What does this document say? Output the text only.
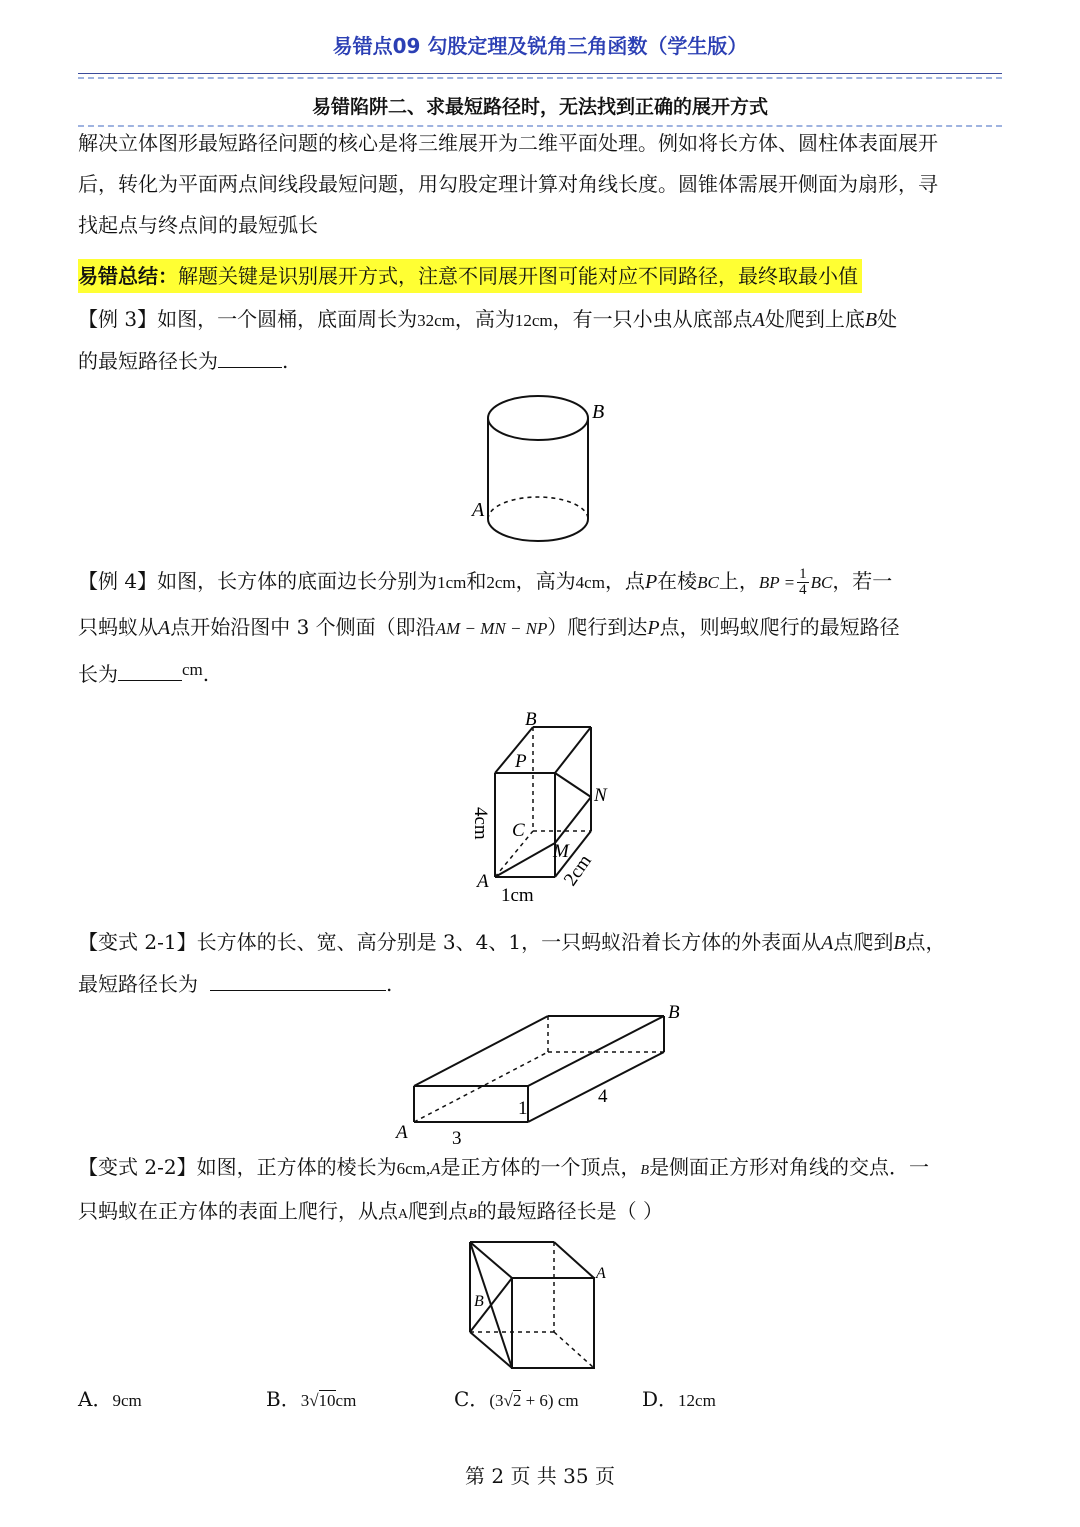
易错点09 勾股定理及锐角三角函数（学生版）
易错陷阱二、求最短路径时，无法找到正确的展开方式
解决立体图形最短路径问题的核心是将三维展开为二维平面处理。例如将长方体、圆柱体表面展开
后，转化为平面两点间线段最短问题，用勾股定理计算对角线长度。圆锥体需展开侧面为扇形，寻
找起点与终点间的最短弧长
易错总结：解题关键是识别展开方式，注意不同展开图可能对应不同路径，最终取最小值
【例 3】如图，一个圆桶，底面周长为32cm，高为12cm，有一只小虫从底部点A处爬到上底B处
的最短路径长为	.
B
A
【例 4】如图，长方体的底面边长分别为1cm和2cm，高为4cm，点P在棱BC上，BP = $\frac{1}{4}$ BC，若一
只蚂蚁从A点开始沿图中 3 个侧面（即沿AM − MN − NP）爬行到达P点，则蚂蚁爬行的最短路径
长为	$^{cm}$.
B
P
N
C
M
A
1cm
4cm
2cm
【变式 2-1】长方体的长、宽、高分别是 3、4、1，一只蚂蚁沿着长方体的外表面从A点爬到B点，
最短路径长为	.
B
A 3
1
4
【变式 2-2】如图，正方体的棱长为6cm,A是正方体的一个顶点，B是侧面正方形对角线的交点．一
只蚂蚁在正方体的表面上爬行，从点A爬到点B的最短路径长是（ ）
A
B
A．9cm	B．3√10cm	C．(3√2 + 6) cm	D．12cm
第 2 页 共 35 页
